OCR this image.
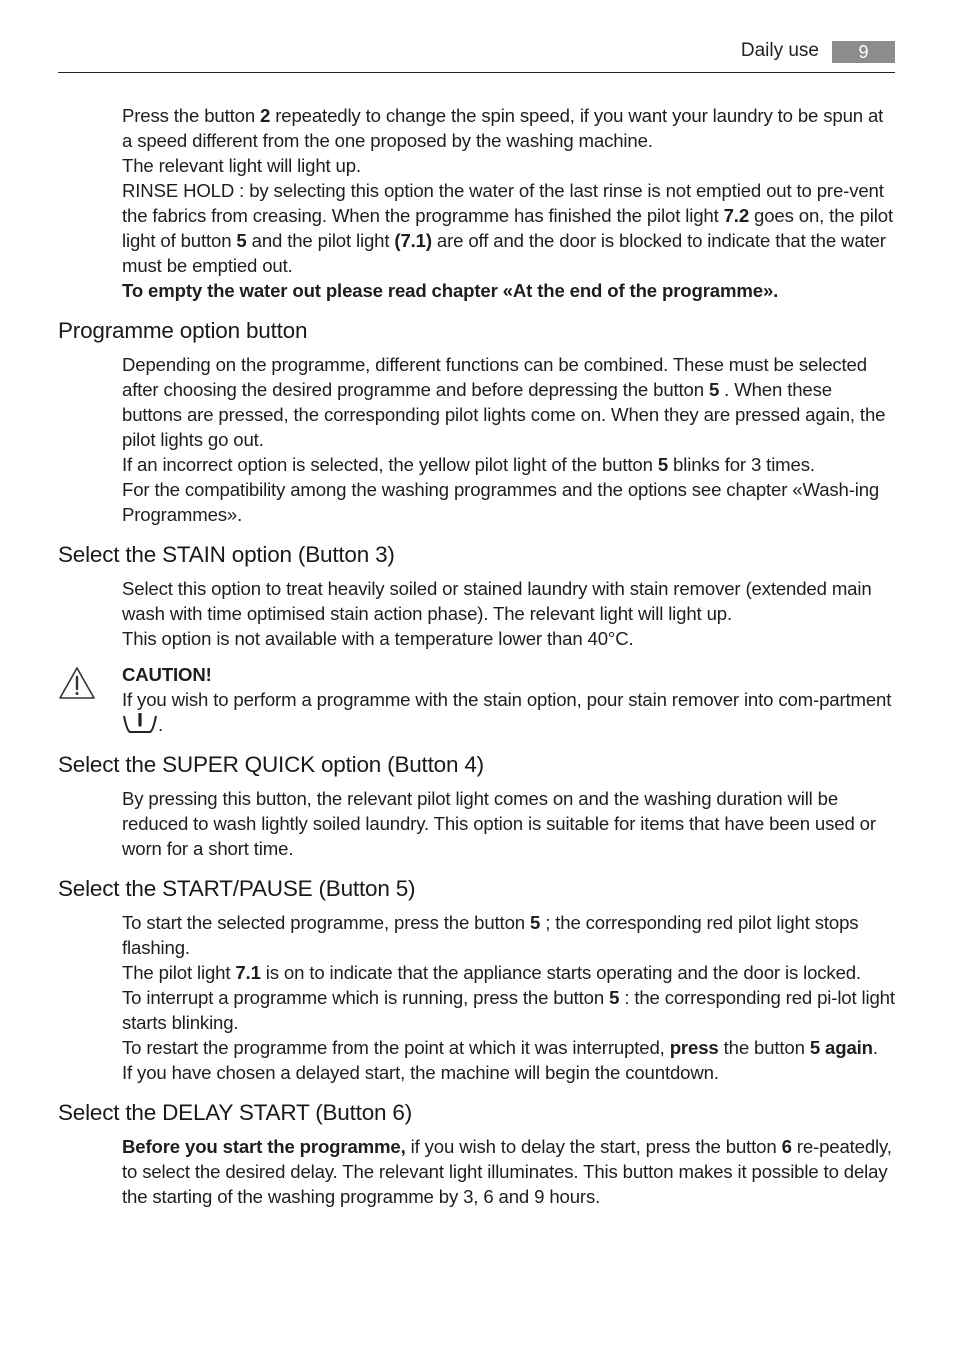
Daily use	9

Press the button 2 repeatedly to change the spin speed, if you want your laundry to be spun at a speed different from the one proposed by the washing machine.

The relevant light will light up.

RINSE HOLD : by selecting this option the water of the last rinse is not emptied out to pre-vent the fabrics from creasing. When the programme has finished the pilot light 7.2 goes on, the pilot light of button 5 and the pilot light (7.1) are off and the door is blocked to indicate that the water must be emptied out.

To empty the water out please read chapter «At the end of the programme».

Programme option button

Depending on the programme, different functions can be combined. These must be selected after choosing the desired programme and before depressing the button 5 . When these buttons are pressed, the corresponding pilot lights come on. When they are pressed again, the pilot lights go out.

If an incorrect option is selected, the yellow pilot light of the button 5 blinks for 3 times.

For the compatibility among the washing programmes and the options see chapter «Wash-ing Programmes».

Select the STAIN option (Button 3)

Select this option to treat heavily soiled or stained laundry with stain remover (extended main wash with time optimised stain action phase). The relevant light will light up.

This option is not available with a temperature lower than 40°C.

CAUTION!

If you wish to perform a programme with the stain option, pour stain remover into com-partment .

Select the SUPER QUICK option (Button 4)

By pressing this button, the relevant pilot light comes on and the washing duration will be reduced to wash lightly soiled laundry. This option is suitable for items that have been used or worn for a short time.

Select the START/PAUSE (Button 5)

To start the selected programme, press the button 5 ; the corresponding red pilot light stops flashing.

The pilot light 7.1 is on to indicate that the appliance starts operating and the door is locked.

To interrupt a programme which is running, press the button 5 : the corresponding red pi-lot light starts blinking.

To restart the programme from the point at which it was interrupted, press the button 5 again.

If you have chosen a delayed start, the machine will begin the countdown.

Select the DELAY START (Button 6)

Before you start the programme, if you wish to delay the start, press the button 6 re-peatedly, to select the desired delay. The relevant light illuminates. This button makes it possible to delay the starting of the washing programme by 3, 6 and 9 hours.
